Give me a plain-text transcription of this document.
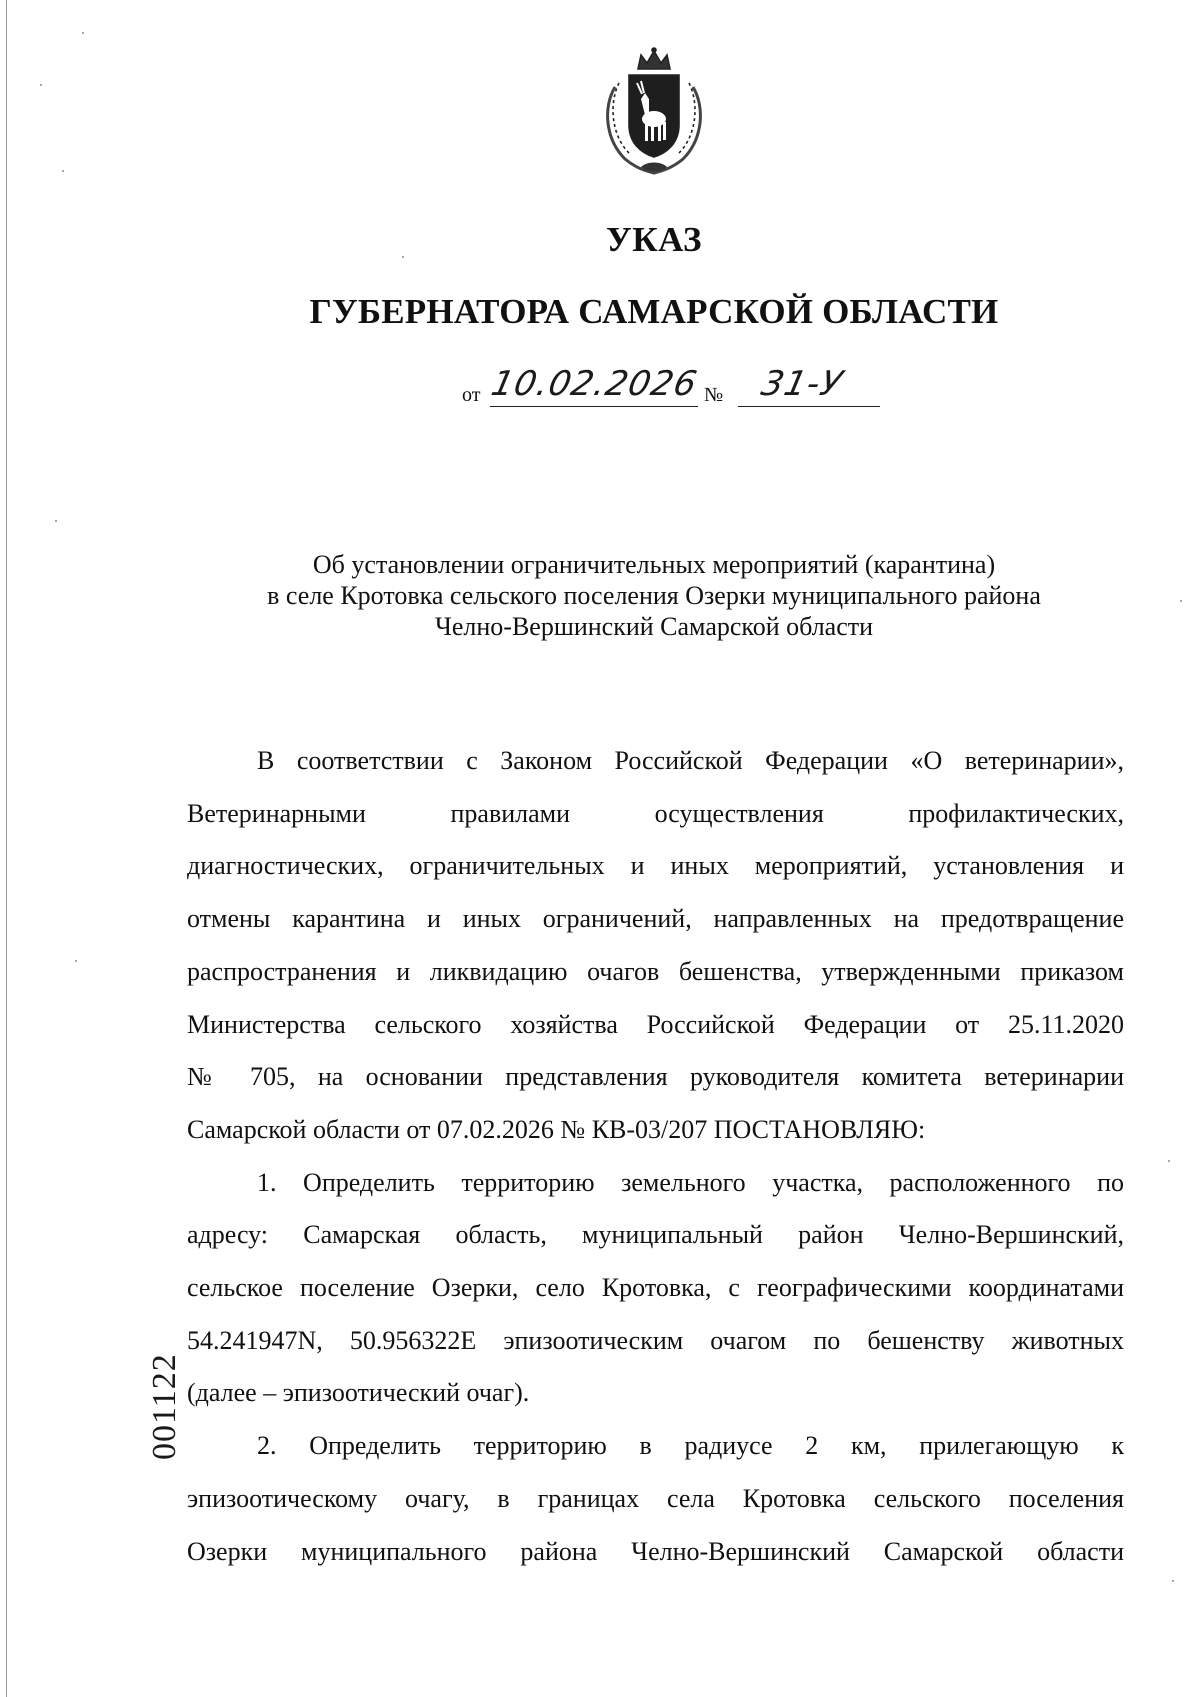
УКАЗ
ГУБЕРНАТОРА САМАРСКОЙ ОБЛАСТИ
от 10.02.2026 № 31-У
Об установлении ограничительных мероприятий (карантина)
в селе Кротовка сельского поселения Озерки муниципального района
Челно-Вершинский Самарской области

В соответствии с Законом Российской Федерации «О ветеринарии»,
Ветеринарными правилами осуществления профилактических,
диагностических, ограничительных и иных мероприятий, установления и
отмены карантина и иных ограничений, направленных на предотвращение
распространения и ликвидацию очагов бешенства, утвержденными приказом
Министерства сельского хозяйства Российской Федерации от 25.11.2020
№ 705, на основании представления руководителя комитета ветеринарии
Самарской области от 07.02.2026 № КВ-03/207 ПОСТАНОВЛЯЮ:

1. Определить территорию земельного участка, расположенного по
адресу: Самарская область, муниципальный район Челно-Вершинский,
сельское поселение Озерки, село Кротовка, с географическими координатами
54.241947N, 50.956322E эпизоотическим очагом по бешенству животных
(далее – эпизоотический очаг).

2. Определить территорию в радиусе 2 км, прилегающую к
эпизоотическому очагу, в границах села Кротовка сельского поселения
Озерки муниципального района Челно-Вершинский Самарской области

001122
